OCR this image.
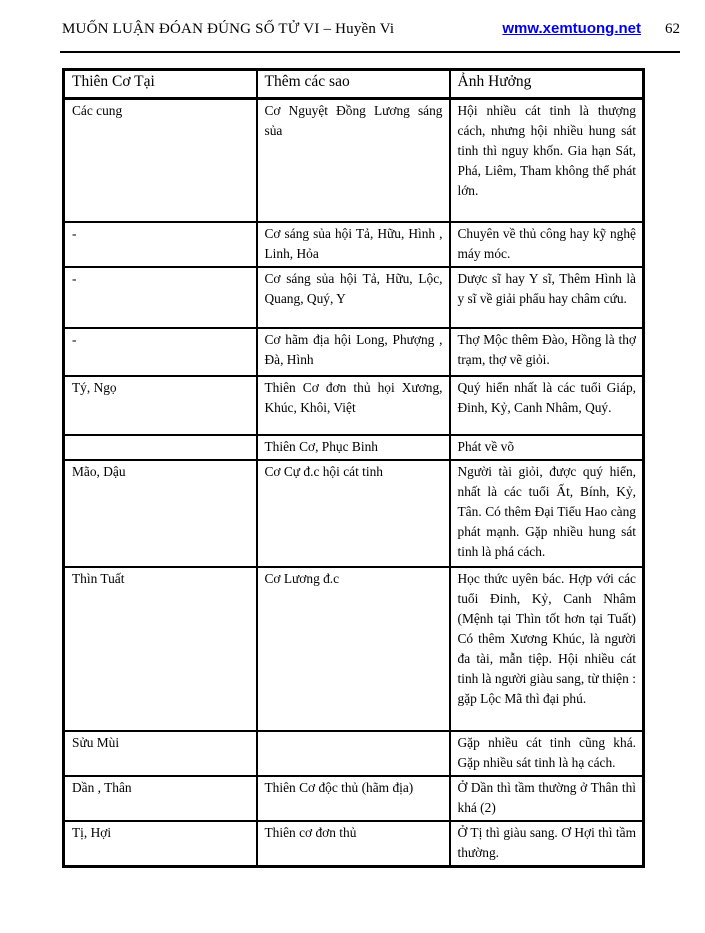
MUỐN LUẬN ĐÓAN ĐÚNG SỐ TỬ VI – Huyền Vi	wmw.xemtuong.net 62
Thiên Cơ Tại	Thêm các sao	Ảnh Hưởng
Các cung	Cơ Nguyệt Đồng Lương sáng sủa	Hội nhiều cát tinh là thượng cách, nhưng hội nhiều hung sát tinh thì nguy khốn. Gia hạn Sát, Phá, Liêm, Tham không thể phát lớn.
-	Cơ sáng sủa hội Tả, Hữu, Hình , Linh, Hỏa	Chuyên về thủ công hay kỹ nghệ máy móc.
-	Cơ sáng sủa hội Tả, Hữu, Lộc, Quang, Quý, Y	Dược sĩ hay Y sĩ, Thêm Hình là y sĩ về giải phẩu hay châm cứu.
-	Cơ hãm địa hội Long, Phượng , Đà, Hình	Thợ Mộc thêm Đào, Hồng là thợ trạm, thợ vẽ giỏi.
Tý, Ngọ	Thiên Cơ đơn thủ họi Xương, Khúc, Khôi, Việt	Quý hiển nhất là các tuổi Giáp, Đinh, Kỷ, Canh Nhâm, Quý.
	Thiên Cơ, Phục Binh	Phát về võ
Mão, Dậu	Cơ Cự đ.c hội cát tinh	Người tài giỏi, được quý hiển, nhất là các tuổi Ất, Bính, Kỷ, Tân. Có thêm Đại Tiểu Hao càng phát mạnh. Gặp nhiều hung sát tinh là phá cách.
Thìn Tuất	Cơ Lương đ.c	Học thức uyên bác. Hợp với các tuổi Đinh, Kỷ, Canh Nhâm (Mệnh tại Thìn tốt hơn tại Tuất) Có thêm Xương Khúc, là người đa tài, mẫn tiệp. Hội nhiều cát tinh là người giàu sang, từ thiện : gặp Lộc Mã thì đại phú.
Sửu Mùi		Gặp nhiều cát tinh cũng khá. Gặp nhiều sát tinh là hạ cách.
Dần , Thân	Thiên Cơ độc thủ (hãm địa)	Ở Dần thì tầm thường ở Thân thì khá (2)
Tị, Hợi	Thiên cơ đơn thủ	Ở Tị thì giàu sang. Ơ Hợi thì tầm thường.
